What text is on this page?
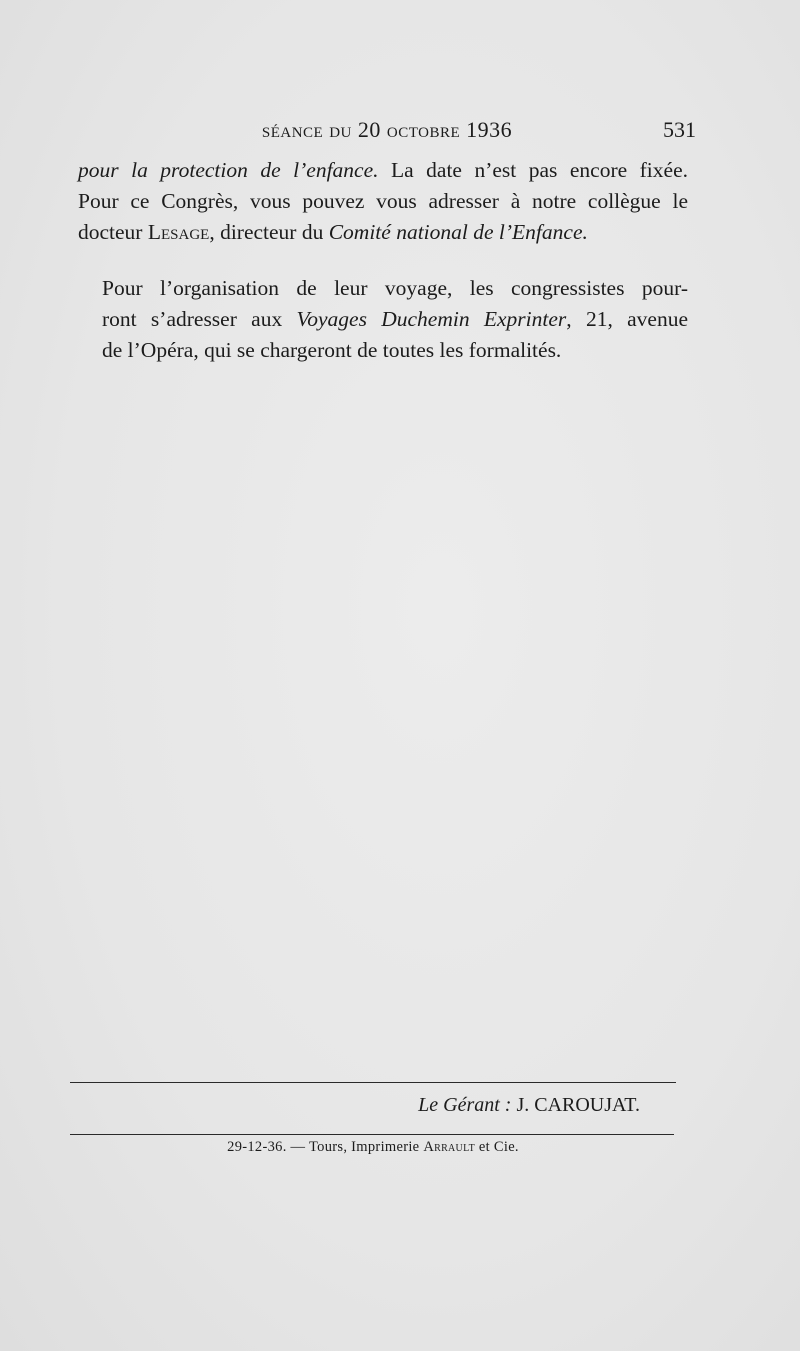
séance du 20 octobre 1936	531

pour la protection de l’enfance. La date n’est pas encore fixée.
Pour ce Congrès, vous pouvez vous adresser à notre collègue le
docteur Lesage, directeur du Comité national de l’Enfance.

Pour l’organisation de leur voyage, les congressistes pour-
ront s’adresser aux Voyages Duchemin Exprinter, 21, avenue
de l’Opéra, qui se chargeront de toutes les formalités.

Le Gérant : J. CAROUJAT.
29-12-36. — Tours, Imprimerie Arrault et Cie.
